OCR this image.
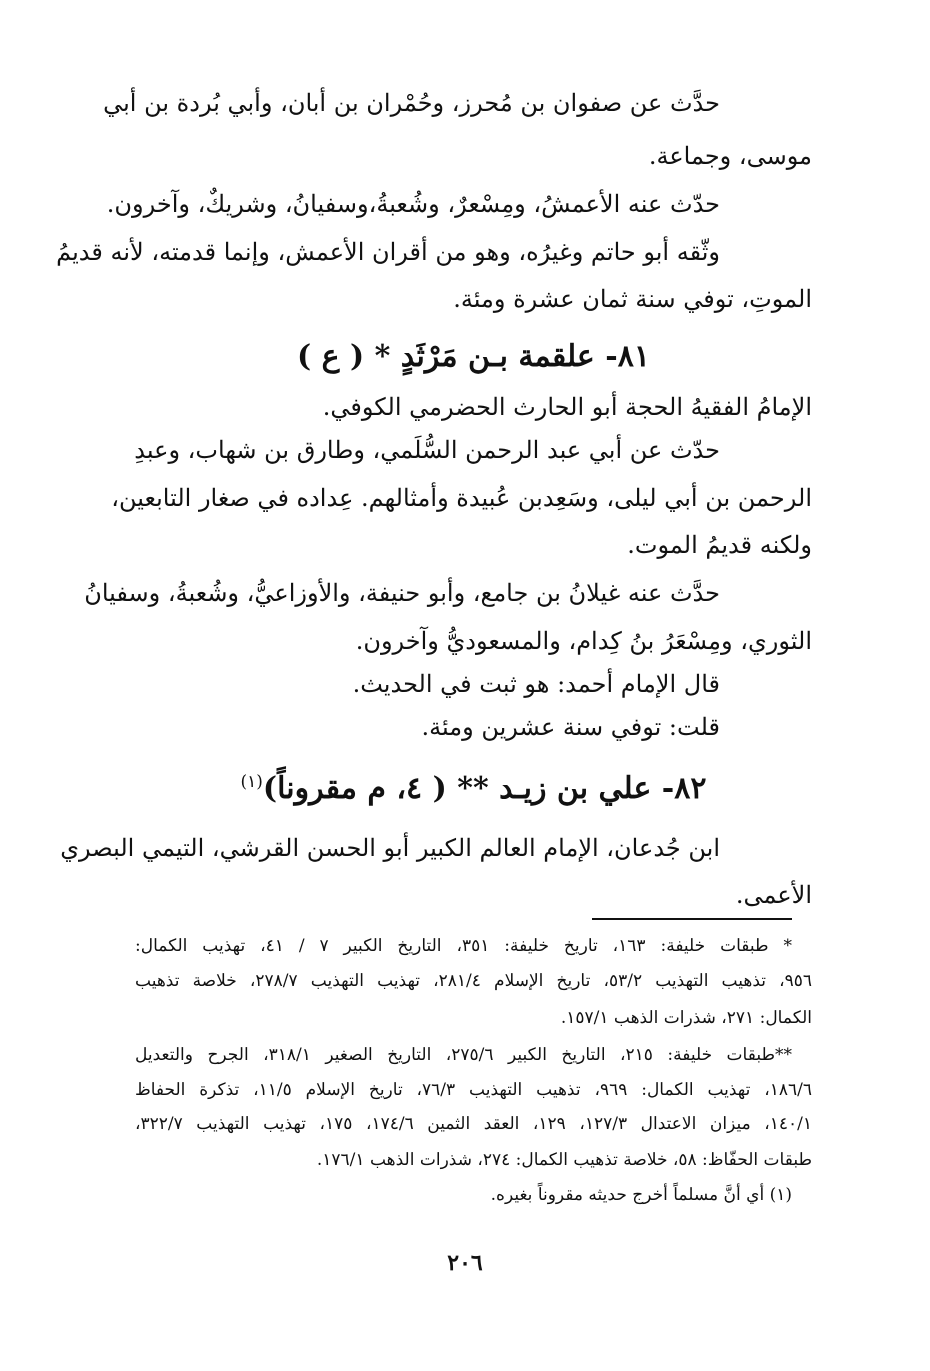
حدَّث عن صفوان بن مُحرز، وحُمْران بن أبان، وأبي بُردة بن أبي
موسى، وجماعة.
حدّث عنه الأعمشُ، ومِسْعرٌ، وشُعبةُ،وسفيانُ، وشريكٌ، وآخرون.
وثّقه أبو حاتم وغيرُه، وهو من أقران الأعمش، وإنما قدمته، لأنه قديمُ
الموتِ، توفي سنة ثمان عشرة ومئة.
٨١- علقمة بـن مَرْثَدٍ * ( ع )
الإمامُ الفقيهُ الحجة أبو الحارث الحضرمي الكوفي.
حدّث عن أبي عبد الرحمن السُّلَمي، وطارق بن شهاب، وعبدِ
الرحمن بن أبي ليلى، وسَعِدبن عُبيدة وأمثالهم. عِداده في صغار التابعين،
ولكنه قديمُ الموت.
حدَّث عنه غيلانُ بن جامع، وأبو حنيفة، والأوزاعيُّ، وشُعبةُ، وسفيانُ
الثوري، ومِسْعَرُ بنُ كِدام، والمسعوديُّ وآخرون.
قال الإمام أحمد: هو ثبت في الحديث.
قلت: توفي سنة عشرين ومئة.
٨٢- علي بن زيـد ** ( ٤، م مقروناً)$^{(١)}$
ابن جُدعان، الإمام العالم الكبير أبو الحسن القرشي، التيمي البصري
الأعمى.
* طبقات خليفة: ١٦٣، تاريخ خليفة: ٣٥١، التاريخ الكبير ٧ / ٤١، تهذيب الكمال:
٩٥٦، تذهيب التهذيب ٥٣/٢، تاريخ الإسلام ٢٨١/٤، تهذيب التهذيب ٢٧٨/٧، خلاصة تذهيب
الكمال: ٢٧١، شذرات الذهب ١٥٧/١.
**طبقات خليفة: ٢١٥، التاريخ الكبير ٢٧٥/٦، التاريخ الصغير ٣١٨/١، الجرح والتعديل
١٨٦/٦، تهذيب الكمال: ٩٦٩، تذهيب التهذيب ٧٦/٣، تاريخ الإسلام ١١/٥، تذكرة الحفاظ
١٤٠/١، ميزان الاعتدال ١٢٧/٣، ١٢٩، العقد الثمين ١٧٤/٦، ١٧٥، تهذيب التهذيب ٣٢٢/٧،
طبقات الحفّاظ: ٥٨، خلاصة تذهيب الكمال: ٢٧٤، شذرات الذهب ١٧٦/١.
(١) أي أنَّ مسلماً أخرج حديثه مقروناً بغيره.
٢٠٦
